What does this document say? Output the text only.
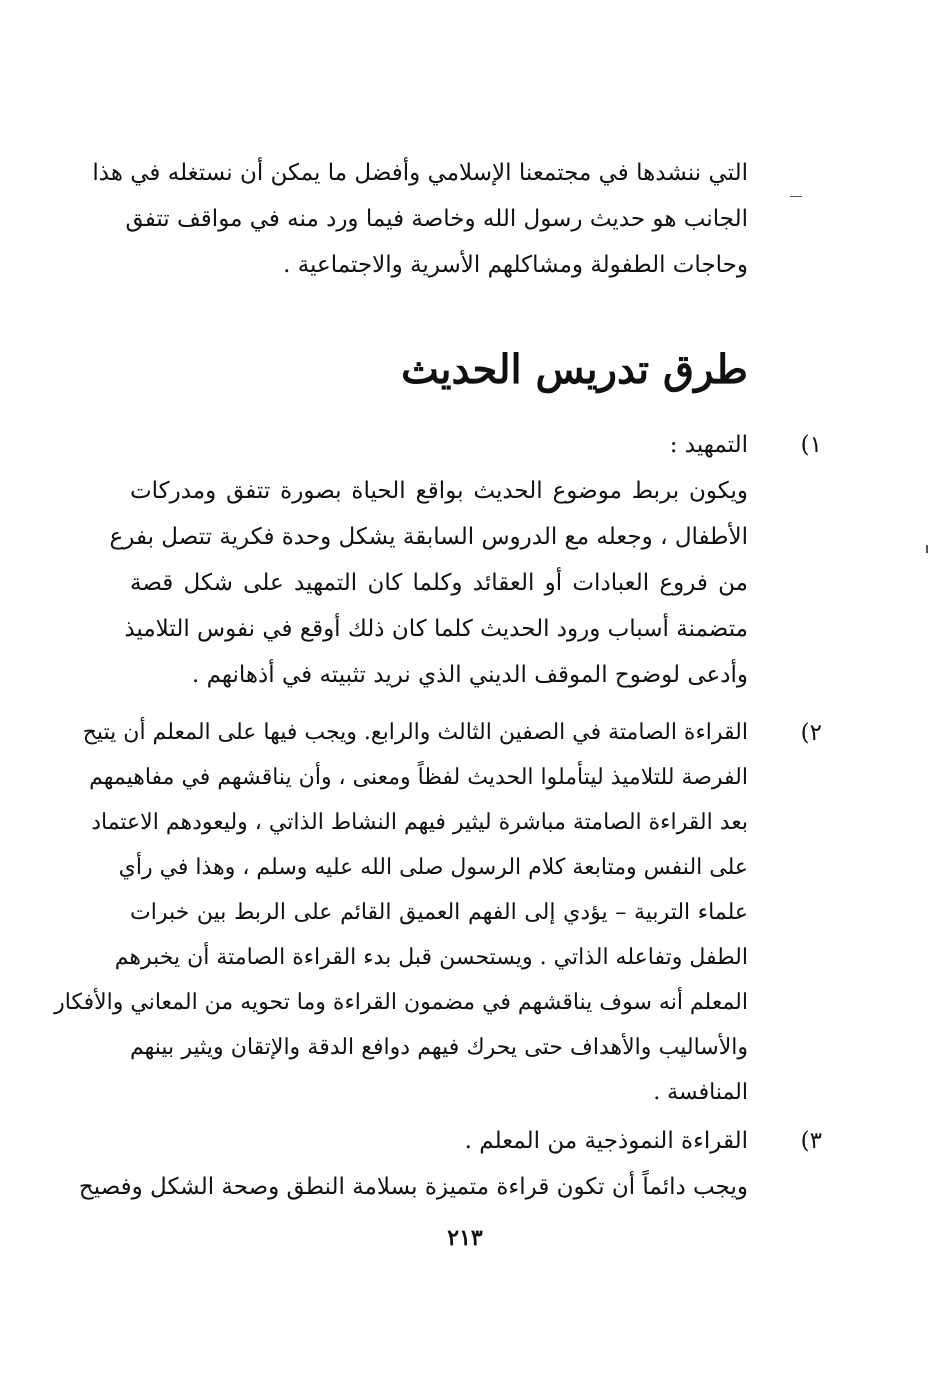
التي ننشدها في مجتمعنا الإسلامي وأفضل ما يمكن أن نستغله في هذا
الجانب هو حديث رسول الله وخاصة فيما ورد منه في مواقف تتفق
وحاجات الطفولة ومشاكلهم الأسرية والاجتماعية .
طرق تدريس الحديث
١)
التمهيد :
ويكون بربط موضوع الحديث بواقع الحياة بصورة تتفق ومدركات
الأطفال ، وجعله مع الدروس السابقة يشكل وحدة فكرية تتصل بفرع
من فروع العبادات أو العقائد وكلما كان التمهيد على شكل قصة
متضمنة أسباب ورود الحديث كلما كان ذلك أوقع في نفوس التلاميذ
وأدعى لوضوح الموقف الديني الذي نريد تثبيته في أذهانهم .
٢)
القراءة الصامتة في الصفين الثالث والرابع. ويجب فيها على المعلم أن يتيح
الفرصة للتلاميذ ليتأملوا الحديث لفظاً ومعنى ، وأن يناقشهم في مفاهيمهم
بعد القراءة الصامتة مباشرة ليثير فيهم النشاط الذاتي ، وليعودهم الاعتماد
على النفس ومتابعة كلام الرسول صلى الله عليه وسلم ، وهذا في رأي
علماء التربية – يؤدي إلى الفهم العميق القائم على الربط بين خبرات
الطفل وتفاعله الذاتي . ويستحسن قبل بدء القراءة الصامتة أن يخبرهم
المعلم أنه سوف يناقشهم في مضمون القراءة وما تحويه من المعاني والأفكار
والأساليب والأهداف حتى يحرك فيهم دوافع الدقة والإتقان ويثير بينهم
المنافسة .
٣)
القراءة النموذجية من المعلم .
ويجب دائماً أن تكون قراءة متميزة بسلامة النطق وصحة الشكل وفصيح
٢١٣
